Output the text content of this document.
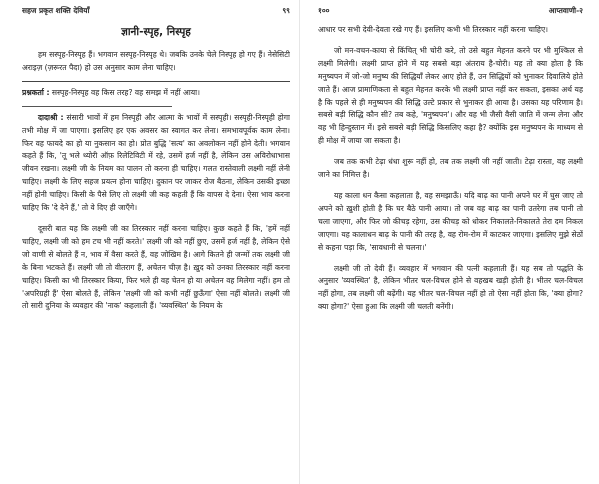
सहज प्रकृत शक्ति देवियाँ	९९
ज्ञानी-स्पृह, निस्पृह

हम सस्पृह-निस्पृह हैं। भगवान सस्पृह-निस्पृह थे। जबकि उनके चेले निस्पृह हो गए हैं। नेसेसिटी अराइज़ (ज़रूरत पैदा) हो उस अनुसार काम लेना चाहिए।

प्रश्नकर्ता : सस्पृह-निस्पृह वह किस तरह? वह समझ में नहीं आया।

दादाश्री : संसारी भावों में हम निस्पृही और आत्मा के भावों में सस्पृही। सस्पृही-निस्पृही होगा तभी मोक्ष में जा पाएगा। इसलिए हर एक अवसर का स्वागत कर लेना। समभावपूर्वक काम लेना। फिर वह फायदे का हो या नुकसान का हो। प्रोत बुद्धि 'सत्य' का अवलोकन नहीं होने देती। भगवान कहते हैं कि, 'तू भले थ्योरी ऑफ़ रिलेटिविटी में रहे, उसमें हर्ज नहीं है, लेकिन उस अविरोधाभास जीवन रखना। लक्ष्मी जी के नियम का पालन तो करना ही चाहिए। गलत रास्तेवाली लक्ष्मी नहीं लेनी चाहिए। लक्ष्मी के लिए सहज प्रयत्न होना चाहिए। दुकान पर जाकर रोज बैठना, लेकिन उसकी इच्छा नहीं होनी चाहिए। किसी के पैसे लिए तो लक्ष्मी जी कह कहती हैं कि वापस दे देना। ऐसा भाव करना चाहिए कि 'दे देने हैं,' तो वे दिए ही जाएँगे।

दूसरी बात यह कि लक्ष्मी जी का तिरस्कार नहीं करना चाहिए। कुछ कहते हैं कि, 'हमें नहीं चाहिए, लक्ष्मी जी को हम टच भी नहीं करते।' लक्ष्मी जी को नहीं छुए, उसमें हर्ज नहीं है, लेकिन ऐसे जो वाणी से बोलते हैं न, भाव में वैसा करते हैं, वह जोखिम है। आगे कितने ही जन्मों तक लक्ष्मी जी के बिना भटकते हैं। लक्ष्मी जी तो वीतराग हैं, अचेतन चीज़ है। ख़ुद को उनका तिरस्कार नहीं करना चाहिए। किसी का भी तिरस्कार किया, फिर भले ही वह चेतन हो या अचेतन वह मिलेगा नहीं। हम तो 'अपरिग्रही हैं' ऐसा बोलते हैं, लेकिन 'लक्ष्मी जी को कभी नहीं छुऊँगा' ऐसा नहीं बोलते। लक्ष्मी जी तो सारी दुनिया के व्यवहार की 'नाक' कहलाती हैं। 'व्यवस्थित' के नियम के

१००	आप्तवाणी-२

आधार पर सभी देवी-देवता रखे गए हैं। इसलिए कभी भी तिरस्कार नहीं करना चाहिए।

जो मन-वचन-काया से किंचित् भी चोरी करे, तो उसे बहुत मेहनत करने पर भी मुश्किल से लक्ष्मी मिलेगी। लक्ष्मी प्राप्त होने में यह सबसे बड़ा अंतराय है-चोरी। यह तो क्या होता है कि मनुष्यपन में जो-जो मनुष्य की सिद्धियाँ लेकर आए होते हैं, उन सिद्धियों को भुनाकर दिवालिये होते जाते हैं। आज प्रामाणिकता से बहुत मेहनत करके भी लक्ष्मी प्राप्त नहीं कर सकता, इसका अर्थ यह है कि पहले से ही मनुष्यपन की सिद्धि उल्टे प्रकार से भुनाकर ही आया है। उसका यह परिणाम है। सबसे बड़ी सिद्धि कौन सी? तब कहे, 'मनुष्यपन'। और वह भी जैसी वैसी जाति में जन्म लेना और वह भी हिन्दुस्तान में। इसे सबसे बड़ी सिद्धि किसलिए कहा है? क्योंकि इस मनुष्यपन के माध्यम से ही मोक्ष में जाया जा सकता है।

जब तक कभी टेढ़ा धंधा शुरू नहीं हो, तब तक लक्ष्मी जी नहीं जाती। टेढ़ा रास्ता, वह लक्ष्मी जाने का निमित्त है।

यह काला धन कैसा कहलाता है, वह समझाऊँ। यदि बाढ़ का पानी अपने घर में घुस जाए तो अपने को ख़ुशी होती है कि घर बैठे पानी आया। तो जब वह बाढ़ का पानी उतरेगा तब पानी तो चला जाएगा, और फिर जो कीचड़ रहेगा, उस कीचड़ को धोकर निकालते-निकालते तेरा दम निकल जाएगा। यह कालाधन बाढ़ के पानी की तरह है, वह रोम-रोम में काटकर जाएगा। इसलिए मुझे सेठों से कहना पड़ा कि, 'सावधानी से चलना।'

लक्ष्मी जी तो देवी हैं। व्यवहार में भगवान की पत्नी कहलाती हैं। यह सब तो पद्धति के अनुसार 'व्यवस्थित' है, लेकिन भीतर चल-विचल होने से वहखब खड़ी होती है। भीतर चल-विचल नहीं होगा, तब लक्ष्मी जी बढ़ेंगी। यह भीतर चल-विचल नहीं हो तो ऐसा नहीं होता कि, 'क्या होगा? क्या होगा?' ऐसा हुआ कि लक्ष्मी जी चलती बनेंगी।
